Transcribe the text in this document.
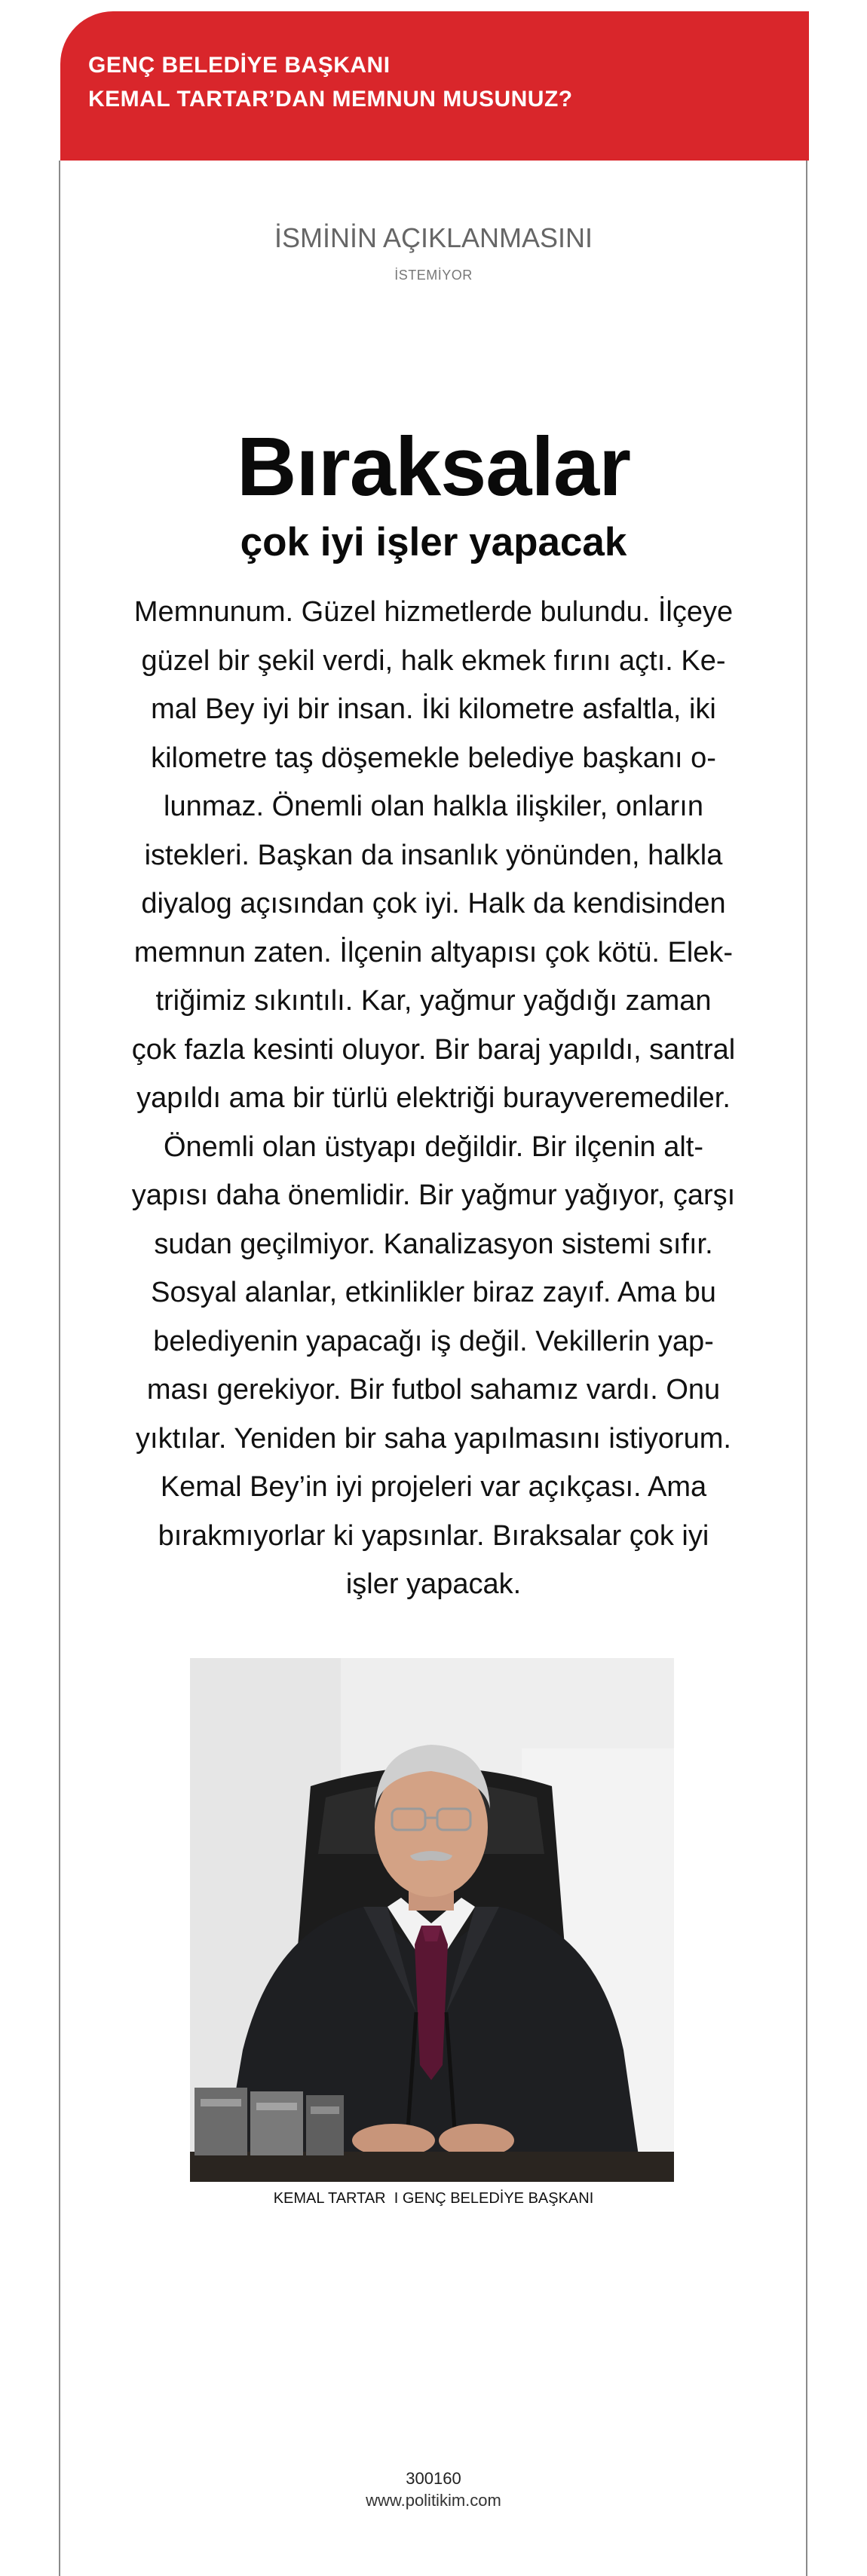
GENÇ BELEDİYE BAŞKANI
KEMAL TARTAR’DAN MEMNUN MUSUNUZ?
İSMİNİN AÇIKLANMASINI
İSTEMİYOR
Bıraksalar
çok iyi işler yapacak
Memnunum. Güzel hizmetlerde bulundu. İlçeye
güzel bir şekil verdi, halk ekmek fırını açtı. Ke-
mal Bey iyi bir insan. İki kilometre asfaltla, iki
kilometre taş döşemekle belediye başkanı o-
lunmaz. Önemli olan halkla ilişkiler, onların
istekleri. Başkan da insanlık yönünden, halkla
diyalog açısından çok iyi. Halk da kendisinden
memnun zaten. İlçenin altyapısı çok kötü. Elek-
triğimiz sıkıntılı. Kar, yağmur yağdığı zaman
çok fazla kesinti oluyor. Bir baraj yapıldı, santral
yapıldı ama bir türlü elektriği burayveremediler.
Önemli olan üstyapı değildir. Bir ilçenin alt-
yapısı daha önemlidir. Bir yağmur yağıyor, çarşı
sudan geçilmiyor. Kanalizasyon sistemi sıfır.
Sosyal alanlar, etkinlikler biraz zayıf. Ama bu
belediyenin yapacağı iş değil. Vekillerin yap-
ması gerekiyor. Bir futbol sahamız vardı. Onu
yıktılar. Yeniden bir saha yapılmasını istiyorum.
Kemal Bey’in iyi projeleri var açıkçası. Ama
bırakmıyorlar ki yapsınlar. Bıraksalar çok iyi
işler yapacak.
KEMAL TARTAR  I GENÇ BELEDİYE BAŞKANI
300160
www.politikim.com
